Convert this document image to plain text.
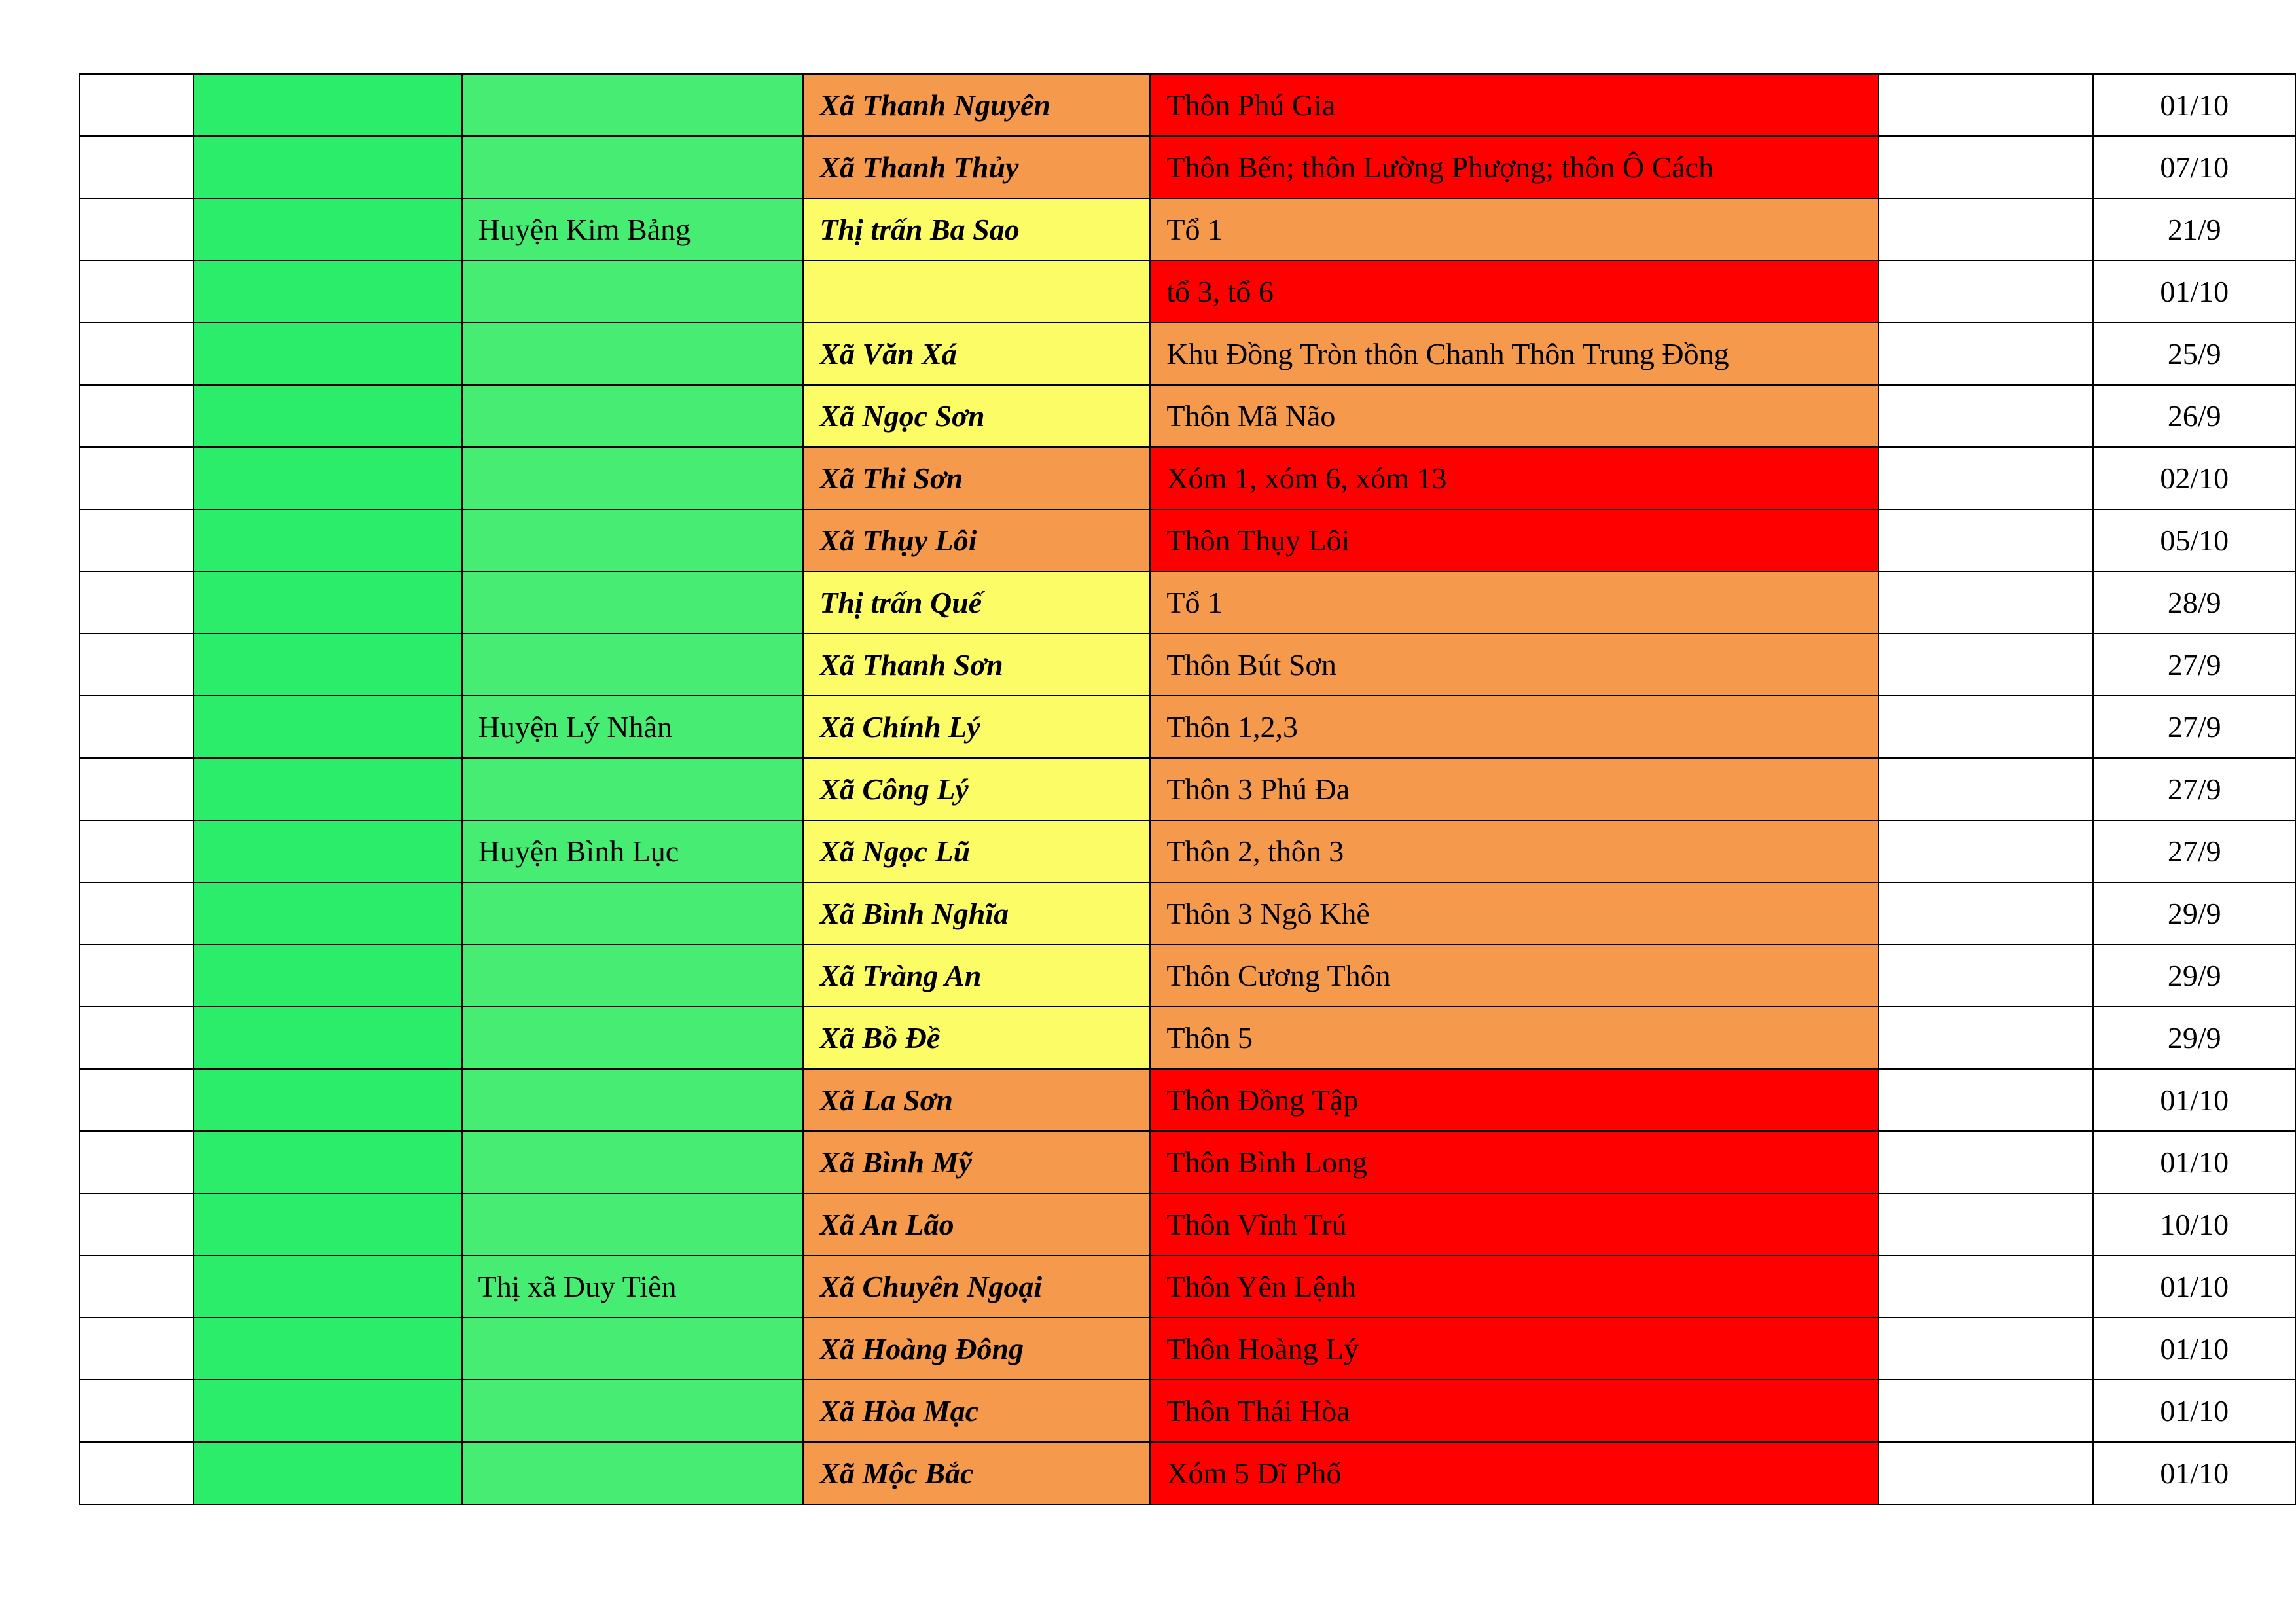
			Xã Thanh Nguyên	Thôn Phú Gia		01/10
			Xã Thanh Thủy	Thôn Bến; thôn Lường Phượng; thôn Ô Cách		07/10
		Huyện Kim Bảng	Thị trấn Ba Sao	Tổ 1		21/9
				tổ 3, tổ 6		01/10
			Xã Văn Xá	Khu Đồng Tròn thôn Chanh Thôn Trung Đồng		25/9
			Xã Ngọc Sơn	Thôn Mã Não		26/9
			Xã Thi Sơn	Xóm 1, xóm 6, xóm 13		02/10
			Xã Thụy Lôi	Thôn Thụy Lôi		05/10
			Thị trấn Quế	Tổ 1		28/9
			Xã Thanh Sơn	Thôn Bút Sơn		27/9
		Huyện Lý Nhân	Xã Chính Lý	Thôn 1,2,3		27/9
			Xã Công Lý	Thôn 3 Phú Đa		27/9
		Huyện Bình Lục	Xã Ngọc Lũ	Thôn 2, thôn 3		27/9
			Xã Bình Nghĩa	Thôn 3 Ngô Khê		29/9
			Xã Tràng An	Thôn Cương Thôn		29/9
			Xã Bồ Đề	Thôn 5		29/9
			Xã La Sơn	Thôn Đồng Tập		01/10
			Xã Bình Mỹ	Thôn Bình Long		01/10
			Xã An Lão	Thôn Vĩnh Trú		10/10
		Thị xã Duy Tiên	Xã Chuyên Ngoại	Thôn Yên Lệnh		01/10
			Xã Hoàng Đông	Thôn Hoàng Lý		01/10
			Xã Hòa Mạc	Thôn Thái Hòa		01/10
			Xã Mộc Bắc	Xóm 5 Dĩ Phố		01/10
